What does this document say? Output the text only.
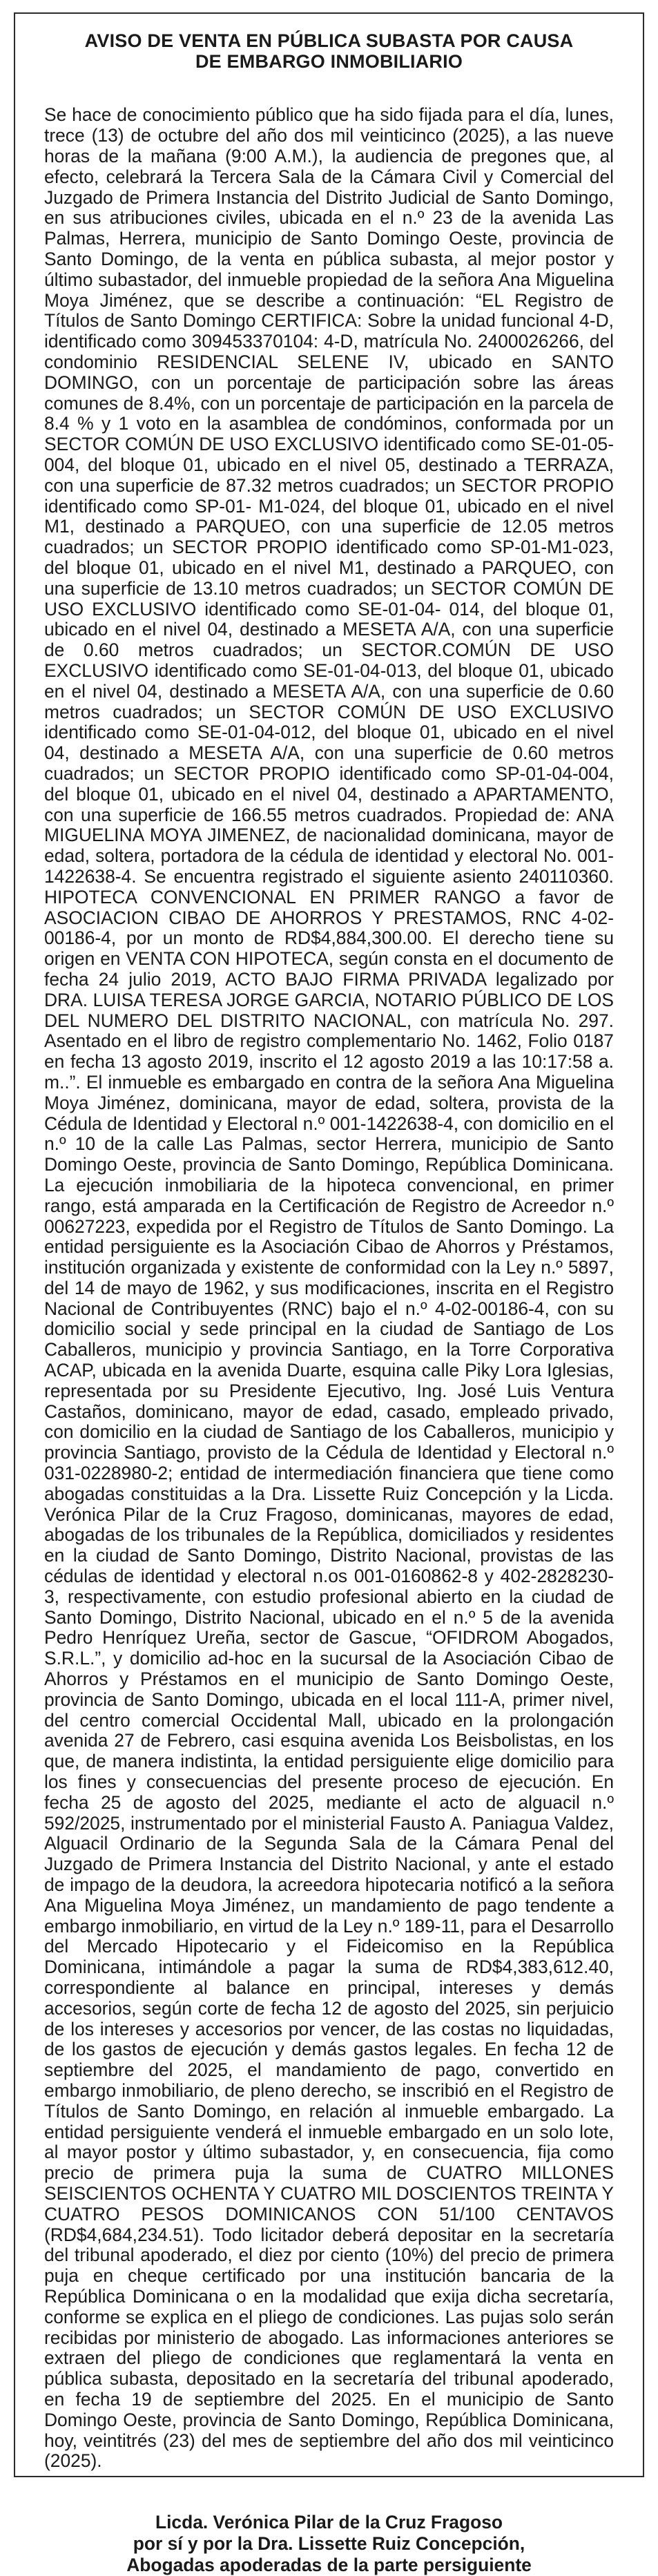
AVISO DE VENTA EN PÚBLICA SUBASTA POR CAUSA
DE EMBARGO INMOBILIARIO

Se hace de conocimiento público que ha sido fijada para el día, lunes, trece (13) de octubre del año dos mil veinticinco (2025), a las nueve horas de la mañana (9:00 A.M.), la audiencia de pregones que, al efecto, celebrará la Tercera Sala de la Cámara Civil y Comercial del Juzgado de Primera Instancia del Distrito Judicial de Santo Domingo, en sus atribuciones civiles, ubicada en el n.º 23 de la avenida Las Palmas, Herrera, municipio de Santo Domingo Oeste, provincia de Santo Domingo, de la venta en pública subasta, al mejor postor y último subastador, del inmueble propiedad de la señora Ana Miguelina Moya Jiménez, que se describe a continuación: “EL Registro de Títulos de Santo Domingo CERTIFICA: Sobre la unidad funcional 4-D, identificado como 309453370104: 4-D, matrícula No. 2400026266, del condominio RESIDENCIAL SELENE IV, ubicado en SANTO DOMINGO, con un porcentaje de participación sobre las áreas comunes de 8.4%, con un porcentaje de participación en la parcela de 8.4 % y 1 voto en la asamblea de condóminos, conformada por un SECTOR COMÚN DE USO EXCLUSIVO identificado como SE-01-05-004, del bloque 01, ubicado en el nivel 05, destinado a TERRAZA, con una superficie de 87.32 metros cuadrados; un SECTOR PROPIO identificado como SP-01- M1-024, del bloque 01, ubicado en el nivel M1, destinado a PARQUEO, con una superficie de 12.05 metros cuadrados; un SECTOR PROPIO identificado como SP-01-M1-023, del bloque 01, ubicado en el nivel M1, destinado a PARQUEO, con una superficie de 13.10 metros cuadrados; un SECTOR COMÚN DE USO EXCLUSIVO identificado como SE-01-04- 014, del bloque 01, ubicado en el nivel 04, destinado a MESETA A/A, con una superficie de 0.60 metros cuadrados; un SECTOR.COMÚN DE USO EXCLUSIVO identificado como SE-01-04-013, del bloque 01, ubicado en el nivel 04, destinado a MESETA A/A, con una superficie de 0.60 metros cuadrados; un SECTOR COMÚN DE USO EXCLUSIVO identificado como SE-01-04-012, del bloque 01, ubicado en el nivel 04, destinado a MESETA A/A, con una superficie de 0.60 metros cuadrados; un SECTOR PROPIO identificado como SP-01-04-004, del bloque 01, ubicado en el nivel 04, destinado a APARTAMENTO, con una superficie de 166.55 metros cuadrados. Propiedad de: ANA MIGUELINA MOYA JIMENEZ, de nacionalidad dominicana, mayor de edad, soltera, portadora de la cédula de identidad y electoral No. 001-1422638-4. Se encuentra registrado el siguiente asiento 240110360. HIPOTECA CONVENCIONAL EN PRIMER RANGO a favor de ASOCIACION CIBAO DE AHORROS Y PRESTAMOS, RNC 4-02-00186-4, por un monto de RD$4,884,300.00. El derecho tiene su origen en VENTA CON HIPOTECA, según consta en el documento de fecha 24 julio 2019, ACTO BAJO FIRMA PRIVADA legalizado por DRA. LUISA TERESA JORGE GARCIA, NOTARIO PÚBLICO DE LOS DEL NUMERO DEL DISTRITO NACIONAL, con matrícula No. 297. Asentado en el libro de registro complementario No. 1462, Folio 0187 en fecha 13 agosto 2019, inscrito el 12 agosto 2019 a las 10:17:58 a. m..”. El inmueble es embargado en contra de la señora Ana Miguelina Moya Jiménez, dominicana, mayor de edad, soltera, provista de la Cédula de Identidad y Electoral n.º 001-1422638-4, con domicilio en el n.º 10 de la calle Las Palmas, sector Herrera, municipio de Santo Domingo Oeste, provincia de Santo Domingo, República Dominicana. La ejecución inmobiliaria de la hipoteca convencional, en primer rango, está amparada en la Certificación de Registro de Acreedor n.º 00627223, expedida por el Registro de Títulos de Santo Domingo. La entidad persiguiente es la Asociación Cibao de Ahorros y Préstamos, institución organizada y existente de conformidad con la Ley n.º 5897, del 14 de mayo de 1962, y sus modificaciones, inscrita en el Registro Nacional de Contribuyentes (RNC) bajo el n.º 4-02-00186-4, con su domicilio social y sede principal en la ciudad de Santiago de Los Caballeros, municipio y provincia Santiago, en la Torre Corporativa ACAP, ubicada en la avenida Duarte, esquina calle Piky Lora Iglesias, representada por su Presidente Ejecutivo, Ing. José Luis Ventura Castaños, dominicano, mayor de edad, casado, empleado privado, con domicilio en la ciudad de Santiago de los Caballeros, municipio y provincia Santiago, provisto de la Cédula de Identidad y Electoral n.º 031-0228980-2; entidad de intermediación financiera que tiene como abogadas constituidas a la Dra. Lissette Ruiz Concepción y la Licda. Verónica Pilar de la Cruz Fragoso, dominicanas, mayores de edad, abogadas de los tribunales de la República, domiciliados y residentes en la ciudad de Santo Domingo, Distrito Nacional, provistas de las cédulas de identidad y electoral n.os 001-0160862-8 y 402-2828230-3, respectivamente, con estudio profesional abierto en la ciudad de Santo Domingo, Distrito Nacional, ubicado en el n.º 5 de la avenida Pedro Henríquez Ureña, sector de Gascue, “OFIDROM Abogados, S.R.L.”, y domicilio ad-hoc en la sucursal de la Asociación Cibao de Ahorros y Préstamos en el municipio de Santo Domingo Oeste, provincia de Santo Domingo, ubicada en el local 111-A, primer nivel, del centro comercial Occidental Mall, ubicado en la prolongación avenida 27 de Febrero, casi esquina avenida Los Beisbolistas, en los que, de manera indistinta, la entidad persiguiente elige domicilio para los fines y consecuencias del presente proceso de ejecución. En fecha 25 de agosto del 2025, mediante el acto de alguacil n.º 592/2025, instrumentado por el ministerial Fausto A. Paniagua Valdez, Alguacil Ordinario de la Segunda Sala de la Cámara Penal del Juzgado de Primera Instancia del Distrito Nacional, y ante el estado de impago de la deudora, la acreedora hipotecaria notificó a la señora Ana Miguelina Moya Jiménez, un mandamiento de pago tendente a embargo inmobiliario, en virtud de la Ley n.º 189-11, para el Desarrollo del Mercado Hipotecario y el Fideicomiso en la República Dominicana, intimándole a pagar la suma de RD$4,383,612.40, correspondiente al balance en principal, intereses y demás accesorios, según corte de fecha 12 de agosto del 2025, sin perjuicio de los intereses y accesorios por vencer, de las costas no liquidadas, de los gastos de ejecución y demás gastos legales. En fecha 12 de septiembre del 2025, el mandamiento de pago, convertido en embargo inmobiliario, de pleno derecho, se inscribió en el Registro de Títulos de Santo Domingo, en relación al inmueble embargado. La entidad persiguiente venderá el inmueble embargado en un solo lote, al mayor postor y último subastador, y, en consecuencia, fija como precio de primera puja la suma de CUATRO MILLONES SEISCIENTOS OCHENTA Y CUATRO MIL DOSCIENTOS TREINTA Y CUATRO PESOS DOMINICANOS CON 51/100 CENTAVOS (RD$4,684,234.51). Todo licitador deberá depositar en la secretaría del tribunal apoderado, el diez por ciento (10%) del precio de primera puja en cheque certificado por una institución bancaria de la República Dominicana o en la modalidad que exija dicha secretaría, conforme se explica en el pliego de condiciones. Las pujas solo serán recibidas por ministerio de abogado. Las informaciones anteriores se extraen del pliego de condiciones que reglamentará la venta en pública subasta, depositado en la secretaría del tribunal apoderado, en fecha 19 de septiembre del 2025. En el municipio de Santo Domingo Oeste, provincia de Santo Domingo, República Dominicana, hoy, veintitrés (23) del mes de septiembre del año dos mil veinticinco (2025).

Licda. Verónica Pilar de la Cruz Fragoso
por sí y por la Dra. Lissette Ruiz Concepción,
Abogadas apoderadas de la parte persiguiente
